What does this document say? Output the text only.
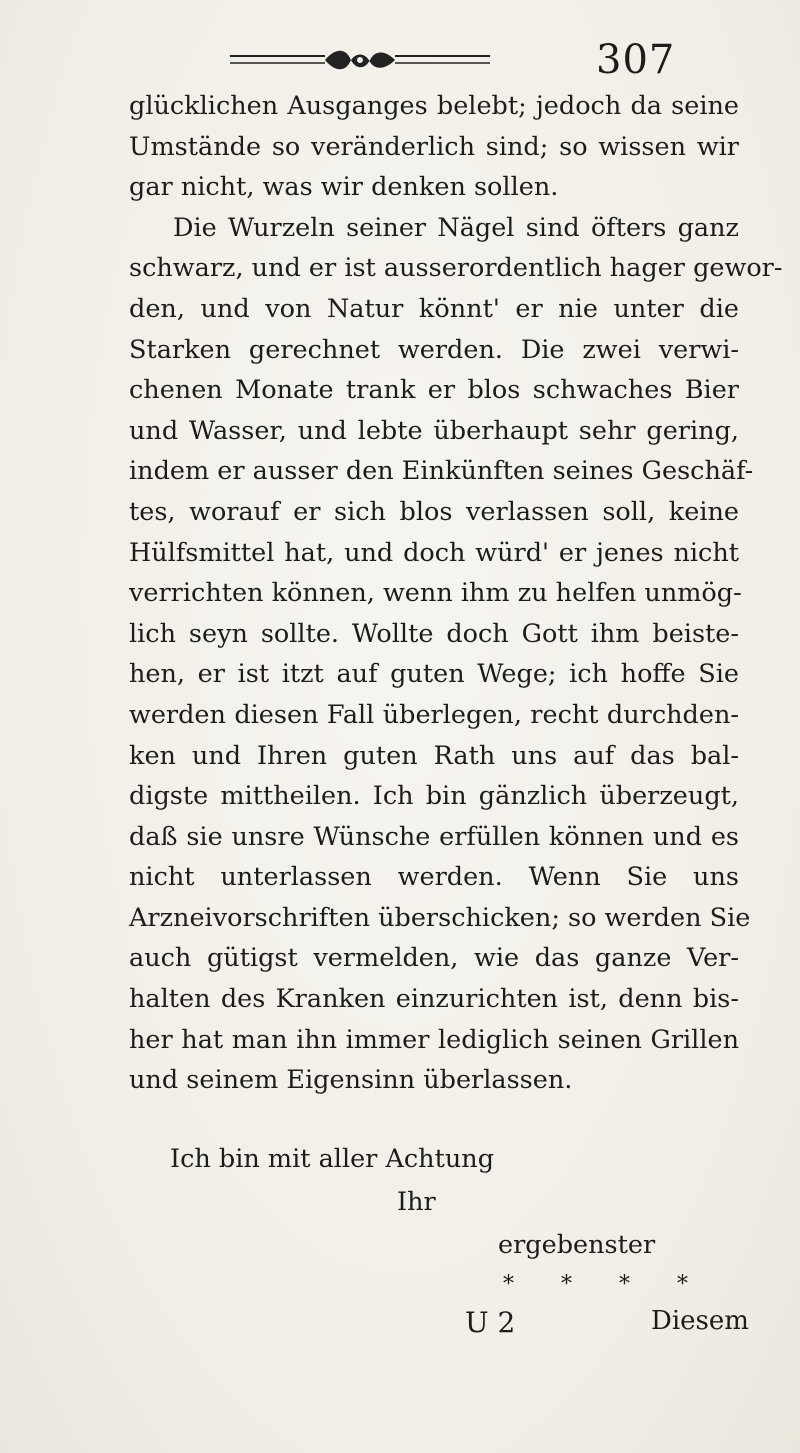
307
glücklichen Ausganges belebt; jedoch da seine
Umstände so veränderlich sind; so wissen wir
gar nicht, was wir denken sollen.
Die Wurzeln seiner Nägel sind öfters ganz
schwarz, und er ist ausserordentlich hager gewor-
den, und von Natur könnt' er nie unter die
Starken gerechnet werden. Die zwei verwi-
chenen Monate trank er blos schwaches Bier
und Wasser, und lebte überhaupt sehr gering,
indem er ausser den Einkünften seines Geschäf-
tes, worauf er sich blos verlassen soll, keine
Hülfsmittel hat, und doch würd' er jenes nicht
verrichten können, wenn ihm zu helfen unmög-
lich seyn sollte. Wollte doch Gott ihm beiste-
hen, er ist itzt auf guten Wege; ich hoffe Sie
werden diesen Fall überlegen, recht durchden-
ken und Ihren guten Rath uns auf das bal-
digste mittheilen. Ich bin gänzlich überzeugt,
daß sie unsre Wünsche erfüllen können und es
nicht unterlassen werden. Wenn Sie uns
Arzneivorschriften überschicken; so werden Sie
auch gütigst vermelden, wie das ganze Ver-
halten des Kranken einzurichten ist, denn bis-
her hat man ihn immer lediglich seinen Grillen
und seinem Eigensinn überlassen.
Ich bin mit aller Achtung
Ihr
ergebenster
* * * *
U 2	Diesem
